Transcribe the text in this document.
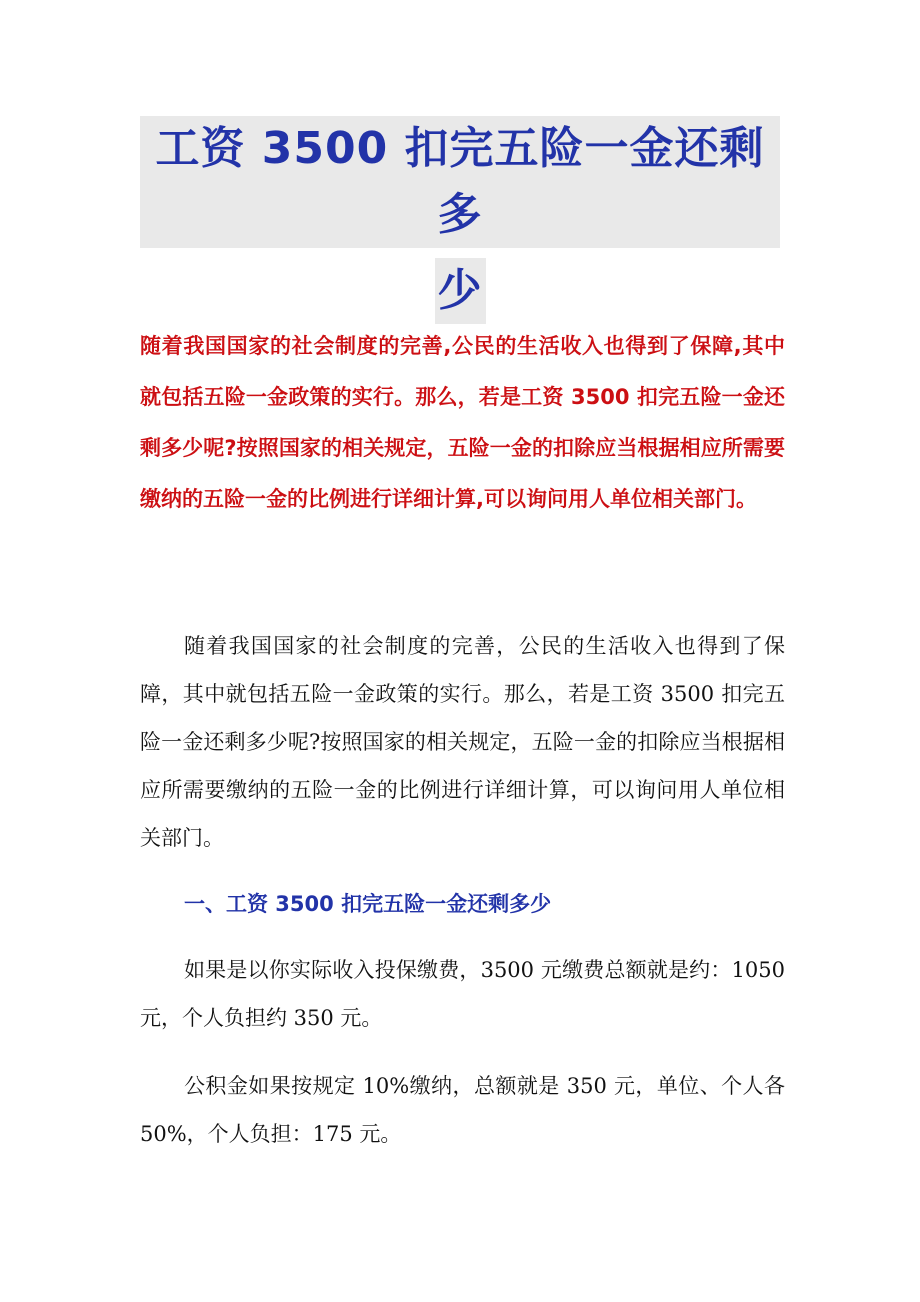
工资 3500 扣完五险一金还剩多
少

随着我国国家的社会制度的完善,公民的生活收入也得到了保障,其中就包括五险一金政策的实行。那么，若是工资 3500 扣完五险一金还剩多少呢?按照国家的相关规定，五险一金的扣除应当根据相应所需要缴纳的五险一金的比例进行详细计算,可以询问用人单位相关部门。

随着我国国家的社会制度的完善，公民的生活收入也得到了保障，其中就包括五险一金政策的实行。那么，若是工资 3500 扣完五险一金还剩多少呢?按照国家的相关规定，五险一金的扣除应当根据相应所需要缴纳的五险一金的比例进行详细计算，可以询问用人单位相关部门。

一、工资 3500 扣完五险一金还剩多少

如果是以你实际收入投保缴费，3500 元缴费总额就是约：1050 元，个人负担约 350 元。

公积金如果按规定 10%缴纳，总额就是 350 元，单位、个人各 50%，个人负担：175 元。
